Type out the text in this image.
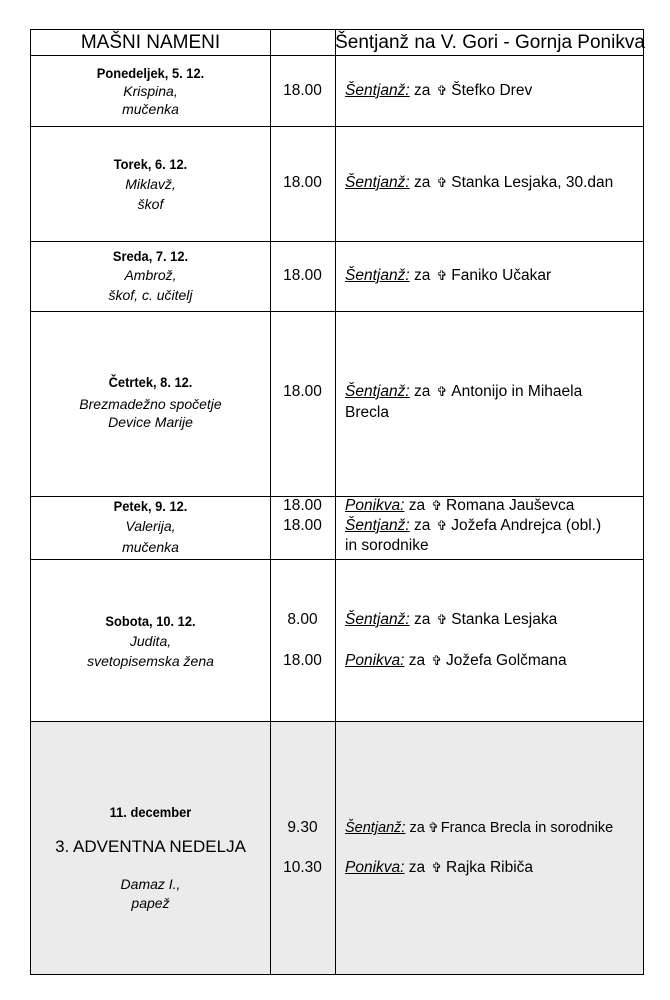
MAŠNI NAMENI	Šentjanž na V. Gori - Gornja Ponikva
Ponedeljek, 5. 12.
Krispina,
mučenka
18.00	Šentjanž: za ✞ Štefko Drev
Torek, 6. 12.
Miklavž,
škof
18.00	Šentjanž: za ✞ Stanka Lesjaka, 30.dan
Sreda, 7. 12.
Ambrož,
škof, c. učitelj
18.00	Šentjanž: za ✞ Faniko Učakar
Četrtek, 8. 12.
Brezmadežno spočetje
Device Marije
18.00	Šentjanž: za ✞ Antonijo in Mihaela
Brecla
Petek, 9. 12.
Valerija,
mučenka
18.00	Ponikva: za ✞ Romana Jauševca
18.00	Šentjanž: za ✞ Jožefa Andrejca (obl.)
in sorodnike
Sobota, 10. 12.
Judita,
svetopisemska žena
8.00	Šentjanž: za ✞ Stanka Lesjaka
18.00	Ponikva: za ✞ Jožefa Golčmana
11. december
3. ADVENTNA NEDELJA
Damaz I.,
papež
9.30	Šentjanž: za ✞ Franca Brecla in sorodnike
10.30	Ponikva: za ✞ Rajka Ribiča
